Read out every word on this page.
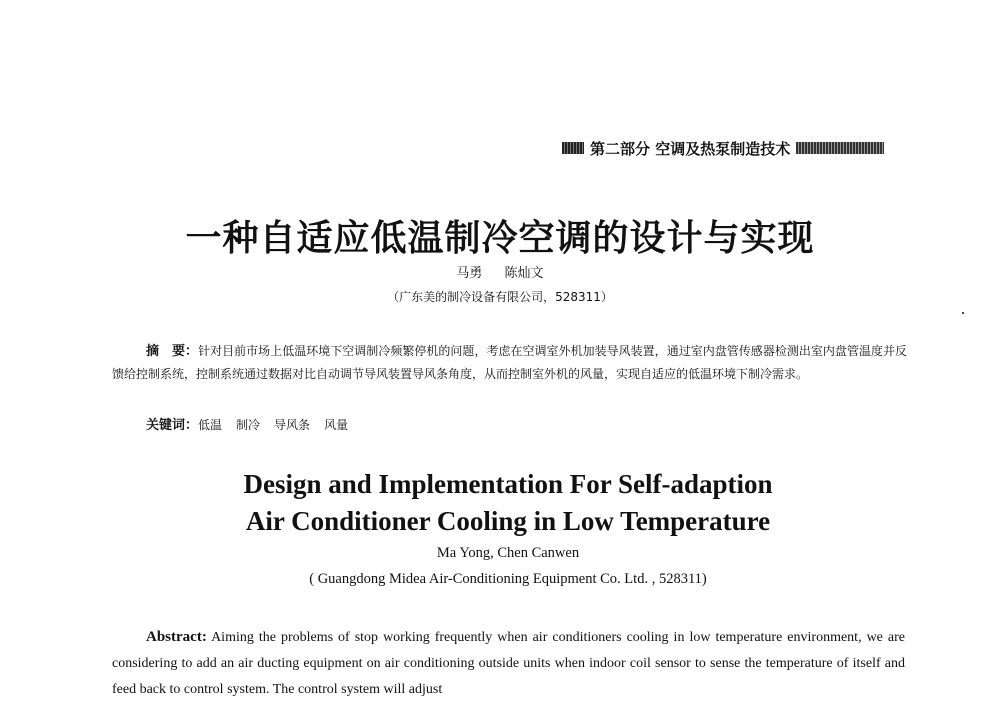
第二部分 空调及热泵制造技术
一种自适应低温制冷空调的设计与实现
马勇 陈灿文
（广东美的制冷设备有限公司，528311）
摘　要：针对目前市场上低温环境下空调制冷频繁停机的问题，考虑在空调室外机加装导风装置，通过室内盘管传感器检测出室内盘管温度并反馈给控制系统，控制系统通过数据对比自动调节导风装置导风条角度，从而控制室外机的风量，实现自适应的低温环境下制冷需求。
关键词：低温 制冷 导风条 风量
Design and Implementation For Self-adaption
Air Conditioner Cooling in Low Temperature
Ma Yong, Chen Canwen
( Guangdong Midea Air-Conditioning Equipment Co. Ltd. , 528311)
Abstract: Aiming the problems of stop working frequently when air conditioners cooling in low temperature environment, we are considering to add an air ducting equipment on air conditioning outside units when indoor coil sensor to sense the temperature of itself and feed back to control system. The control system will adjust
